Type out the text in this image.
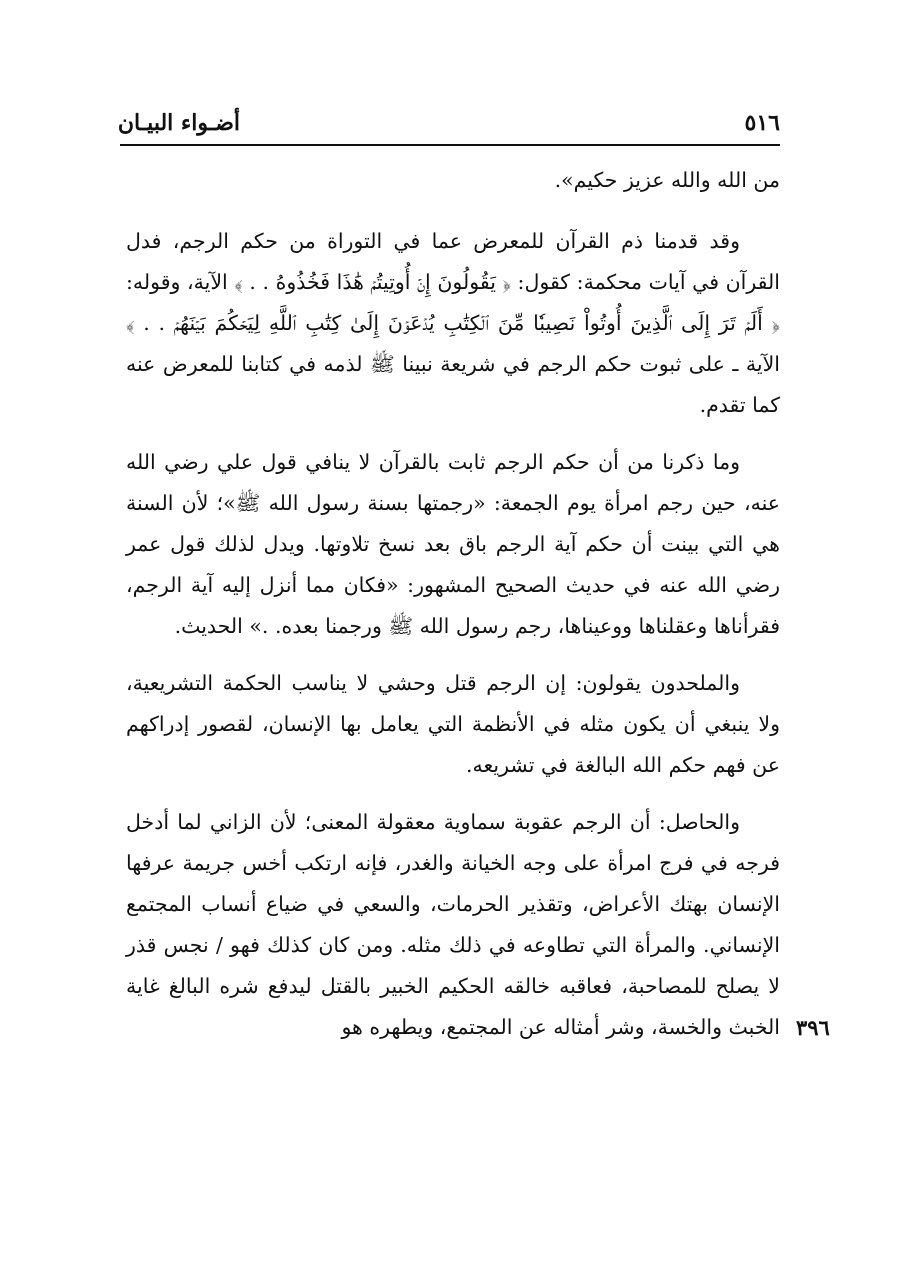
٥١٦
أضـواء البيـان

من الله والله عزيز حكيم».

وقد قدمنا ذم القرآن للمعرض عما في التوراة من حكم الرجم، فدل القرآن في آيات محكمة: كقول: ﴿ يَقُولُونَ إِنۡ أُوتِيتُمۡ هَٰذَا فَخُذُوهُ . . ﴾ الآية، وقوله: ﴿ أَلَمۡ تَرَ إِلَى ٱلَّذِينَ أُوتُواْ نَصِيبٗا مِّنَ ٱلۡكِتَٰبِ يُدۡعَوۡنَ إِلَىٰ كِتَٰبِ ٱللَّهِ لِيَحۡكُمَ بَيۡنَهُمۡ . . ﴾ الآية ـ على ثبوت حكم الرجم في شريعة نبينا ﷺ لذمه في كتابنا للمعرض عنه كما تقدم.

وما ذكرنا من أن حكم الرجم ثابت بالقرآن لا ينافي قول علي رضي الله عنه، حين رجم امرأة يوم الجمعة: «رجمتها بسنة رسول الله ﷺ»؛ لأن السنة هي التي بينت أن حكم آية الرجم باق بعد نسخ تلاوتها. ويدل لذلك قول عمر رضي الله عنه في حديث الصحيح المشهور: «فكان مما أنزل إليه آية الرجم، فقرأناها وعقلناها ووعيناها، رجم رسول الله ﷺ ورجمنا بعده. .» الحديث.

والملحدون يقولون: إن الرجم قتل وحشي لا يناسب الحكمة التشريعية، ولا ينبغي أن يكون مثله في الأنظمة التي يعامل بها الإنسان، لقصور إدراكهم عن فهم حكم الله البالغة في تشريعه.

والحاصل: أن الرجم عقوبة سماوية معقولة المعنى؛ لأن الزاني لما أدخل فرجه في فرج امرأة على وجه الخيانة والغدر، فإنه ارتكب أخس جريمة عرفها الإنسان بهتك الأعراض، وتقذير الحرمات، والسعي في ضياع أنساب المجتمع الإنساني. والمرأة التي تطاوعه في ذلك مثله. ومن كان كذلك فهو / نجس قذر لا يصلح للمصاحبة، فعاقبه خالقه الحكيم الخبير بالقتل ليدفع شره البالغ غاية الخبث والخسة، وشر أمثاله عن المجتمع، ويطهره هو ٣٩٦
